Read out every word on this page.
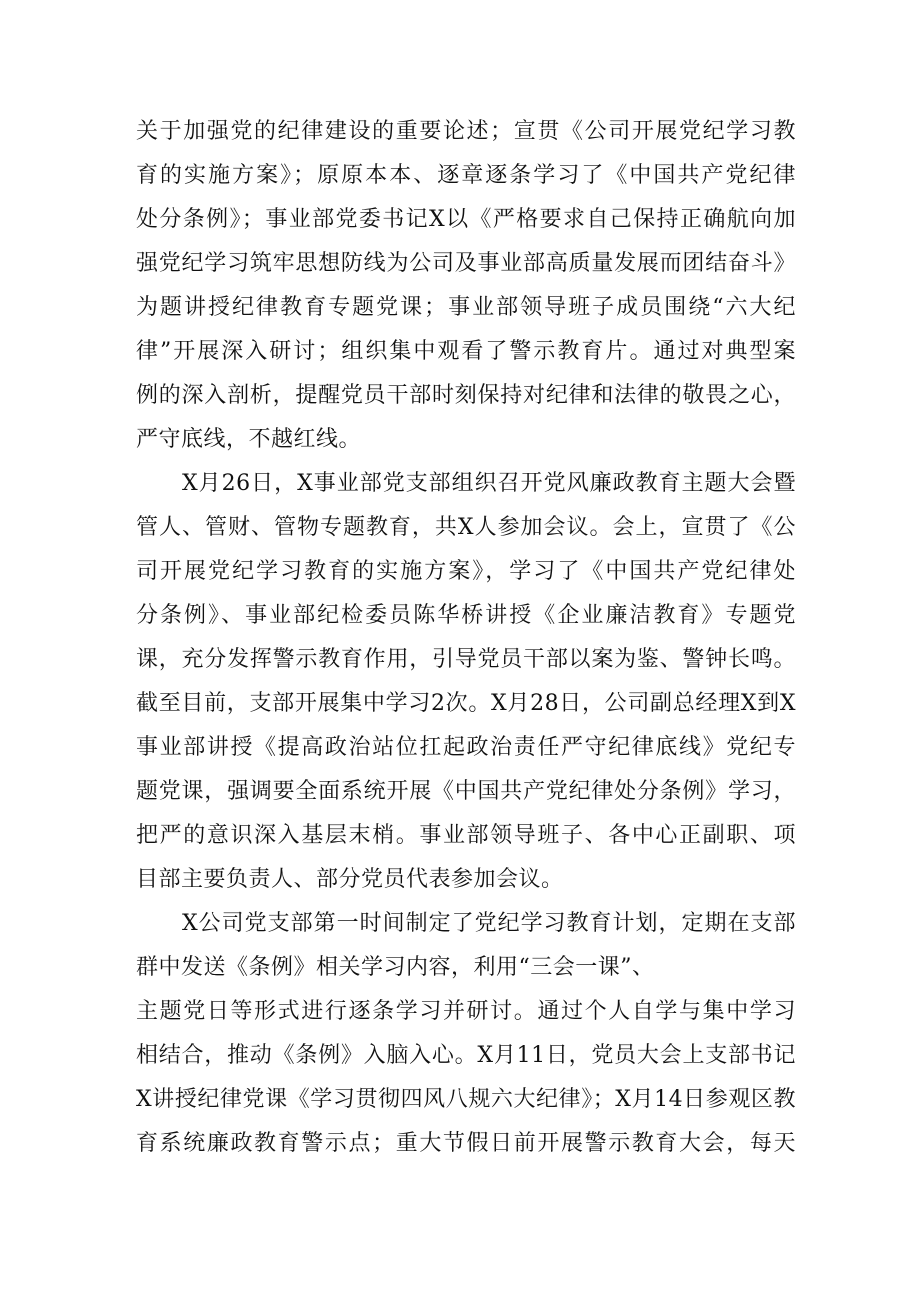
关于加强党的纪律建设的重要论述；宣贯《公司开展党纪学习教
育的实施方案》；原原本本、逐章逐条学习了《中国共产党纪律
处分条例》；事业部党委书记X以《严格要求自己保持正确航向加
强党纪学习筑牢思想防线为公司及事业部高质量发展而团结奋斗》
为题讲授纪律教育专题党课；事业部领导班子成员围绕“六大纪
律”开展深入研讨；组织集中观看了警示教育片。通过对典型案
例的深入剖析，提醒党员干部时刻保持对纪律和法律的敬畏之心，
严守底线，不越红线。
X月26日，X事业部党支部组织召开党风廉政教育主题大会暨
管人、管财、管物专题教育，共X人参加会议。会上，宣贯了《公
司开展党纪学习教育的实施方案》，学习了《中国共产党纪律处
分条例》、事业部纪检委员陈华桥讲授《企业廉洁教育》专题党
课，充分发挥警示教育作用，引导党员干部以案为鉴、警钟长鸣。
截至目前，支部开展集中学习2次。X月28日，公司副总经理X到X
事业部讲授《提高政治站位扛起政治责任严守纪律底线》党纪专
题党课，强调要全面系统开展《中国共产党纪律处分条例》学习，
把严的意识深入基层末梢。事业部领导班子、各中心正副职、项
目部主要负责人、部分党员代表参加会议。
X公司党支部第一时间制定了党纪学习教育计划，定期在支部
群中发送《条例》相关学习内容，利用“三会一课”、
主题党日等形式进行逐条学习并研讨。通过个人自学与集中学习
相结合，推动《条例》入脑入心。X月11日，党员大会上支部书记
X讲授纪律党课《学习贯彻四风八规六大纪律》；X月14日参观区教
育系统廉政教育警示点；重大节假日前开展警示教育大会，每天
